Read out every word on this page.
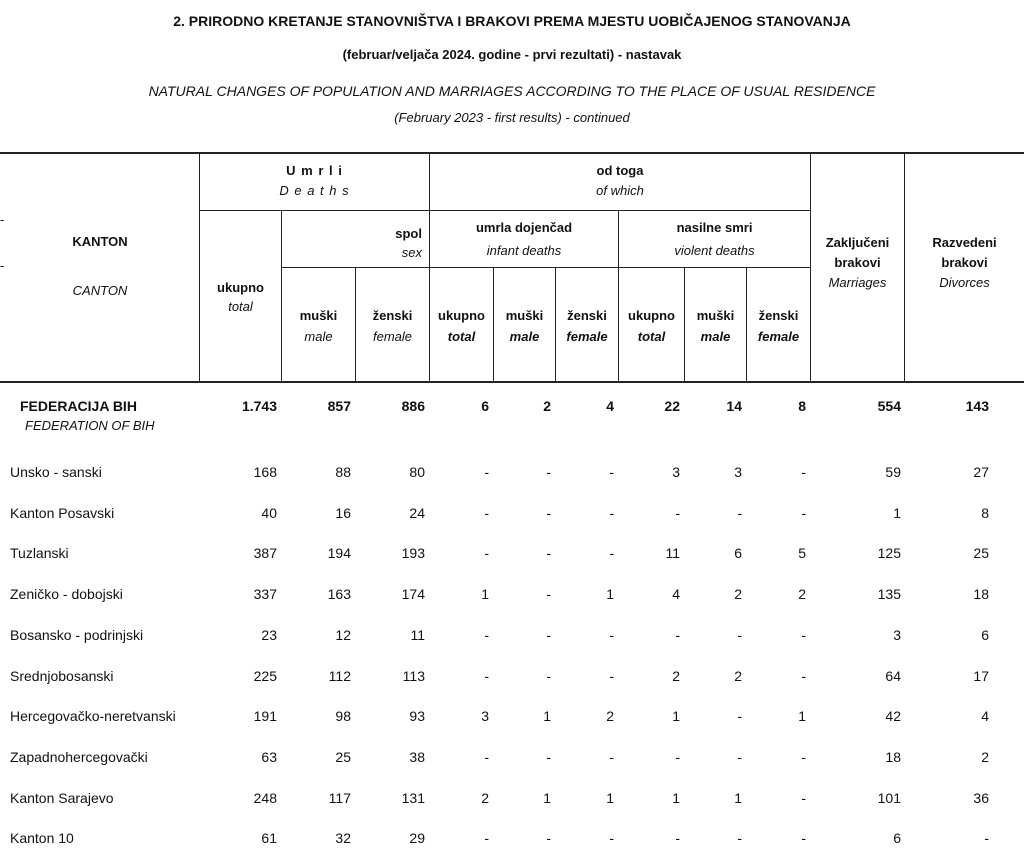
2. PRIRODNO KRETANJE STANOVNIŠTVA I BRAKOVI PREMA MJESTU UOBIČAJENOG STANOVANJA
(februar/veljača 2024. godine - prvi rezultati) - nastavak
NATURAL CHANGES OF POPULATION AND MARRIAGES ACCORDING TO THE PLACE OF USUAL RESIDENCE
(February 2023 - first results) - continued
-
-
KANTON
CANTON
U m r l i
D e a t h s
od toga
of which
ukupno
total
spol
sex
umrla dojenčad
infant deaths
nasilne smri
violent deaths
muški
male
ženski
female
ukupno
total
muški
male
ženski
female
ukupno
total
muški
male
ženski
female
Zaključeni
brakovi
Marriages
Razvedeni
brakovi
Divorces
FEDERACIJA BIH	1.743	857	886	6	2	4	22	14	8	554	143
FEDERATION OF BIH
Unsko - sanski	168	88	80	-	-	-	3	3	-	59	27
Kanton Posavski	40	16	24	-	-	-	-	-	-	1	8
Tuzlanski	387	194	193	-	-	-	11	6	5	125	25
Zeničko - dobojski	337	163	174	1	-	1	4	2	2	135	18
Bosansko - podrinjski	23	12	11	-	-	-	-	-	-	3	6
Srednjobosanski	225	112	113	-	-	-	2	2	-	64	17
Hercegovačko-neretvanski	191	98	93	3	1	2	1	-	1	42	4
Zapadnohercegovački	63	25	38	-	-	-	-	-	-	18	2
Kanton Sarajevo	248	117	131	2	1	1	1	1	-	101	36
Kanton 10	61	32	29	-	-	-	-	-	-	6	-
